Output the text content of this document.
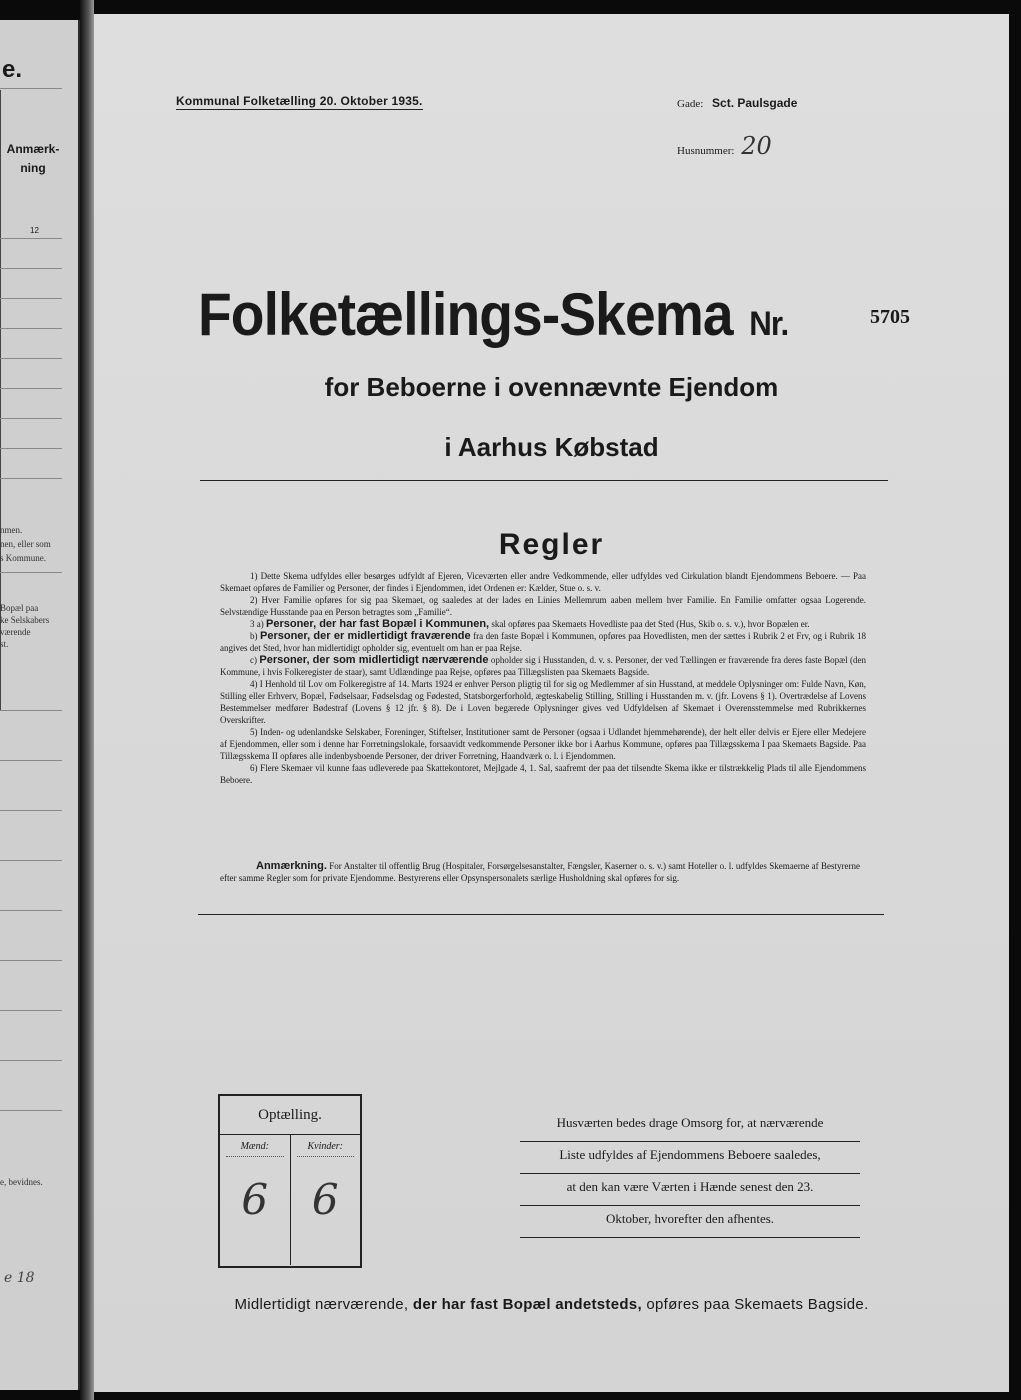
e.
Anmærk-
ning
12
nmen.
nen, eller som
s Kommune.
Bopæl paa
ke Selskabers
værende
st.
e, bevidnes.
e 18
Kommunal Folketælling 20. Oktober 1935.	Gade: Sct. Paulsgade
Husnummer: 20
Folketællings-Skema Nr.	5705
for Beboerne i ovennævnte Ejendom
i Aarhus Købstad
Regler

1) Dette Skema udfyldes eller besørges udfyldt af Ejeren, Viceværten eller andre Vedkommende, eller udfyldes ved Cirkulation blandt Ejendommens Beboere. — Paa Skemaet opføres de Familier og Personer, der findes i Ejendommen, idet Ordenen er: Kælder, Stue o. s. v.

2) Hver Familie opføres for sig paa Skemaet, og saaledes at der lades en Linies Mellemrum aaben mellem hver Familie. En Familie omfatter ogsaa Logerende. Selvstændige Husstande paa en Person betragtes som „Familie“.

3 a) Personer, der har fast Bopæl i Kommunen, skal opføres paa Skemaets Hovedliste paa det Sted (Hus, Skib o. s. v.), hvor Bopælen er.

b) Personer, der er midlertidigt fraværende fra den faste Bopæl i Kommunen, opføres paa Hovedlisten, men der sættes i Rubrik 2 et Frv, og i Rubrik 18 angives det Sted, hvor han midlertidigt opholder sig, eventuelt om han er paa Rejse.

c) Personer, der som midlertidigt nærværende opholder sig i Husstanden, d. v. s. Personer, der ved Tællingen er fraværende fra deres faste Bopæl (den Kommune, i hvis Folkeregister de staar), samt Udlændinge paa Rejse, opføres paa Tillægslisten paa Skemaets Bagside.

4) I Henhold til Lov om Folkeregistre af 14. Marts 1924 er enhver Person pligtig til for sig og Medlemmer af sin Husstand, at meddele Oplysninger om: Fulde Navn, Køn, Stilling eller Erhverv, Bopæl, Fødselsaar, Fødselsdag og Fødested, Statsborgerforhold, ægteskabelig Stilling, Stilling i Husstanden m. v. (jfr. Lovens § 1). Overtrædelse af Lovens Bestemmelser medfører Bødestraf (Lovens § 12 jfr. § 8). De i Loven begærede Oplysninger gives ved Udfyldelsen af Skemaet i Overensstemmelse med Rubrikkernes Overskrifter.

5) Inden- og udenlandske Selskaber, Foreninger, Stiftelser, Institutioner samt de Personer (ogsaa i Udlandet hjemmehørende), der helt eller delvis er Ejere eller Medejere af Ejendommen, eller som i denne har Forretningslokale, forsaavidt vedkommende Personer ikke bor i Aarhus Kommune, opføres paa Tillægsskema I paa Skemaets Bagside. Paa Tillægsskema II opføres alle indenbysboende Personer, der driver Forretning, Haandværk o. l. i Ejendommen.

6) Flere Skemaer vil kunne faas udleverede paa Skattekontoret, Mejlgade 4, 1. Sal, saafremt der paa det tilsendte Skema ikke er tilstrækkelig Plads til alle Ejendommens Beboere.

Anmærkning. For Anstalter til offentlig Brug (Hospitaler, Forsørgelsesanstalter, Fængsler, Kaserner o. s. v.) samt Hoteller o. l. udfyldes Skemaerne af Bestyrerne efter samme Regler som for private Ejendomme. Bestyrerens eller Opsynspersonalets særlige Husholdning skal opføres for sig.
Optælling.
Mænd:
6
Kvinder:
6
Husværten bedes drage Omsorg for, at nærværende
Liste udfyldes af Ejendommens Beboere saaledes,
at den kan være Værten i Hænde senest den 23.
Oktober, hvorefter den afhentes.
Midlertidigt nærværende, der har fast Bopæl andetsteds, opføres paa Skemaets Bagside.
